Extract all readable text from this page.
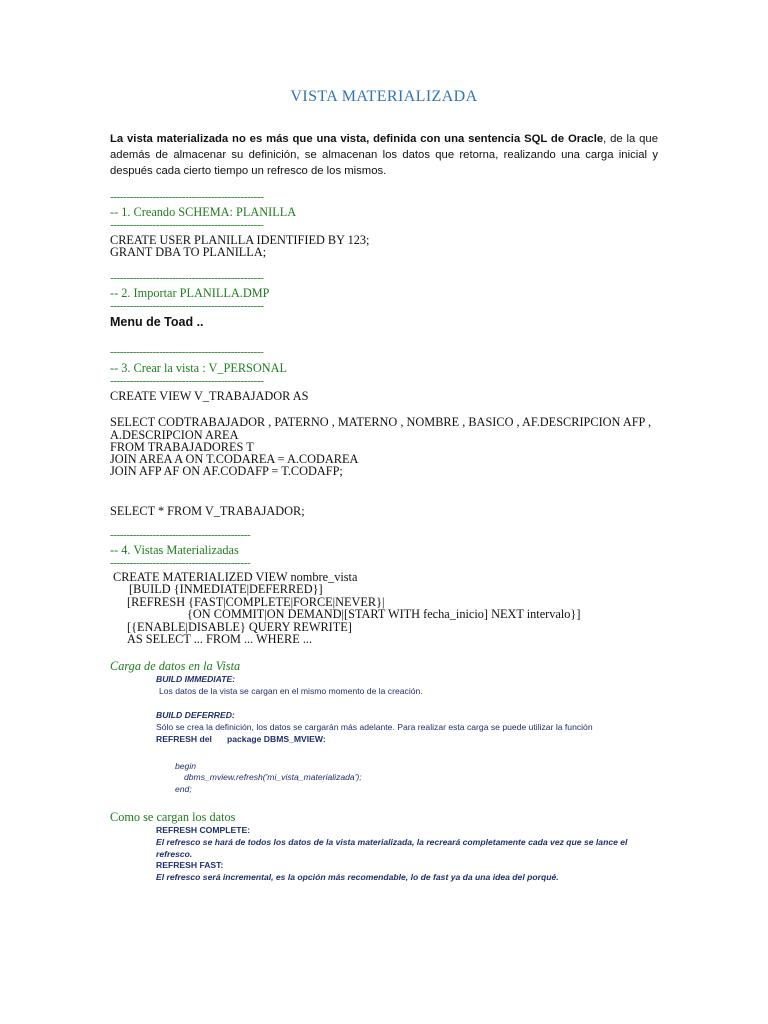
VISTA MATERIALIZADA
La vista materializada no es más que una vista, definida con una sentencia SQL de Oracle, de la que además de almacenar su definición, se almacenan los datos que retorna, realizando una carga inicial y después cada cierto tiempo un refresco de los mismos.
-----------------------------------------------
-- 1. Creando SCHEMA: PLANILLA
-----------------------------------------------
CREATE USER PLANILLA IDENTIFIED BY 123;
GRANT DBA TO PLANILLA;
-----------------------------------------------
-- 2. Importar PLANILLA.DMP
-----------------------------------------------
Menu de Toad ..
-----------------------------------------------
-- 3. Crear la vista : V_PERSONAL
-----------------------------------------------
CREATE VIEW V_TRABAJADOR AS
SELECT CODTRABAJADOR , PATERNO , MATERNO , NOMBRE , BASICO , AF.DESCRIPCION AFP ,
A.DESCRIPCION AREA
FROM TRABAJADORES T
JOIN AREA A ON T.CODAREA = A.CODAREA
JOIN AFP AF ON AF.CODAFP = T.CODAFP;
SELECT * FROM V_TRABAJADOR;
-------------------------------------------
-- 4. Vistas Materializadas
-------------------------------------------
CREATE MATERIALIZED VIEW nombre_vista
[BUILD {INMEDIATE|DEFERRED}]
[REFRESH {FAST|COMPLETE|FORCE|NEVER}|
{ON COMMIT|ON DEMAND|[START WITH fecha_inicio] NEXT intervalo}]
[{ENABLE|DISABLE} QUERY REWRITE]
AS SELECT ... FROM ... WHERE ...
Carga de datos en la Vista
BUILD IMMEDIATE:
Los datos de la vista se cargan en el mismo momento de la creación.
BUILD DEFERRED:
Sólo se crea la definición, los datos se cargarán más adelante. Para realizar esta carga se puede utilizar la función
REFRESH del package DBMS_MVIEW:
begin
dbms_mview.refresh('mi_vista_materializada');
end;
Como se cargan los datos
REFRESH COMPLETE:
El refresco se hará de todos los datos de la vista materializada, la recreará completamente cada vez que se lance el
refresco.
REFRESH FAST:
El refresco será incremental, es la opción más recomendable, lo de fast ya da una idea del porqué.
